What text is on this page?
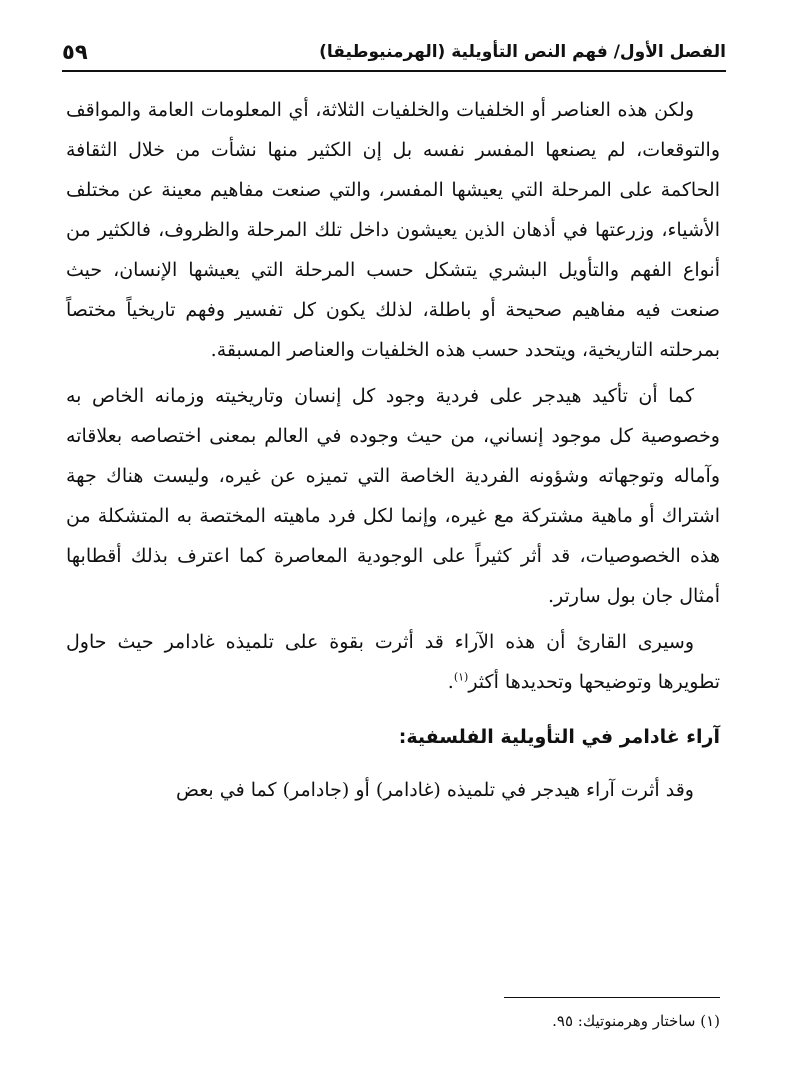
الفصل الأول/ فهم النص التأويلية (الهرمنيوطيقا)
٥٩

ولكن هذه العناصر أو الخلفيات والخلفيات الثلاثة، أي المعلومات العامة والمواقف والتوقعات، لم يصنعها المفسر نفسه بل إن الكثير منها نشأت من خلال الثقافة الحاكمة على المرحلة التي يعيشها المفسر، والتي صنعت مفاهيم معينة عن مختلف الأشياء، وزرعتها في أذهان الذين يعيشون داخل تلك المرحلة والظروف، فالكثير من أنواع الفهم والتأويل البشري يتشكل حسب المرحلة التي يعيشها الإنسان، حيث صنعت فيه مفاهيم صحيحة أو باطلة، لذلك يكون كل تفسير وفهم تاريخياً مختصاً بمرحلته التاريخية، ويتحدد حسب هذه الخلفيات والعناصر المسبقة.

كما أن تأكيد هيدجر على فردية وجود كل إنسان وتاريخيته وزمانه الخاص به وخصوصية كل موجود إنساني، من حيث وجوده في العالم بمعنى اختصاصه بعلاقاته وآماله وتوجهاته وشؤونه الفردية الخاصة التي تميزه عن غيره، وليست هناك جهة اشتراك أو ماهية مشتركة مع غيره، وإنما لكل فرد ماهيته المختصة به المتشكلة من هذه الخصوصيات، قد أثر كثيراً على الوجودية المعاصرة كما اعترف بذلك أقطابها أمثال جان بول سارتر.

وسيرى القارئ أن هذه الآراء قد أثرت بقوة على تلميذه غادامر حيث حاول تطويرها وتوضيحها وتحديدها أكثر$^{(١)}$.

آراء غادامر في التأويلية الفلسفية:

وقد أثرت آراء هيدجر في تلميذه (غادامر) أو (جادامر) كما في بعض

(١) ساختار وهرمنوتيك: ٩٥.
